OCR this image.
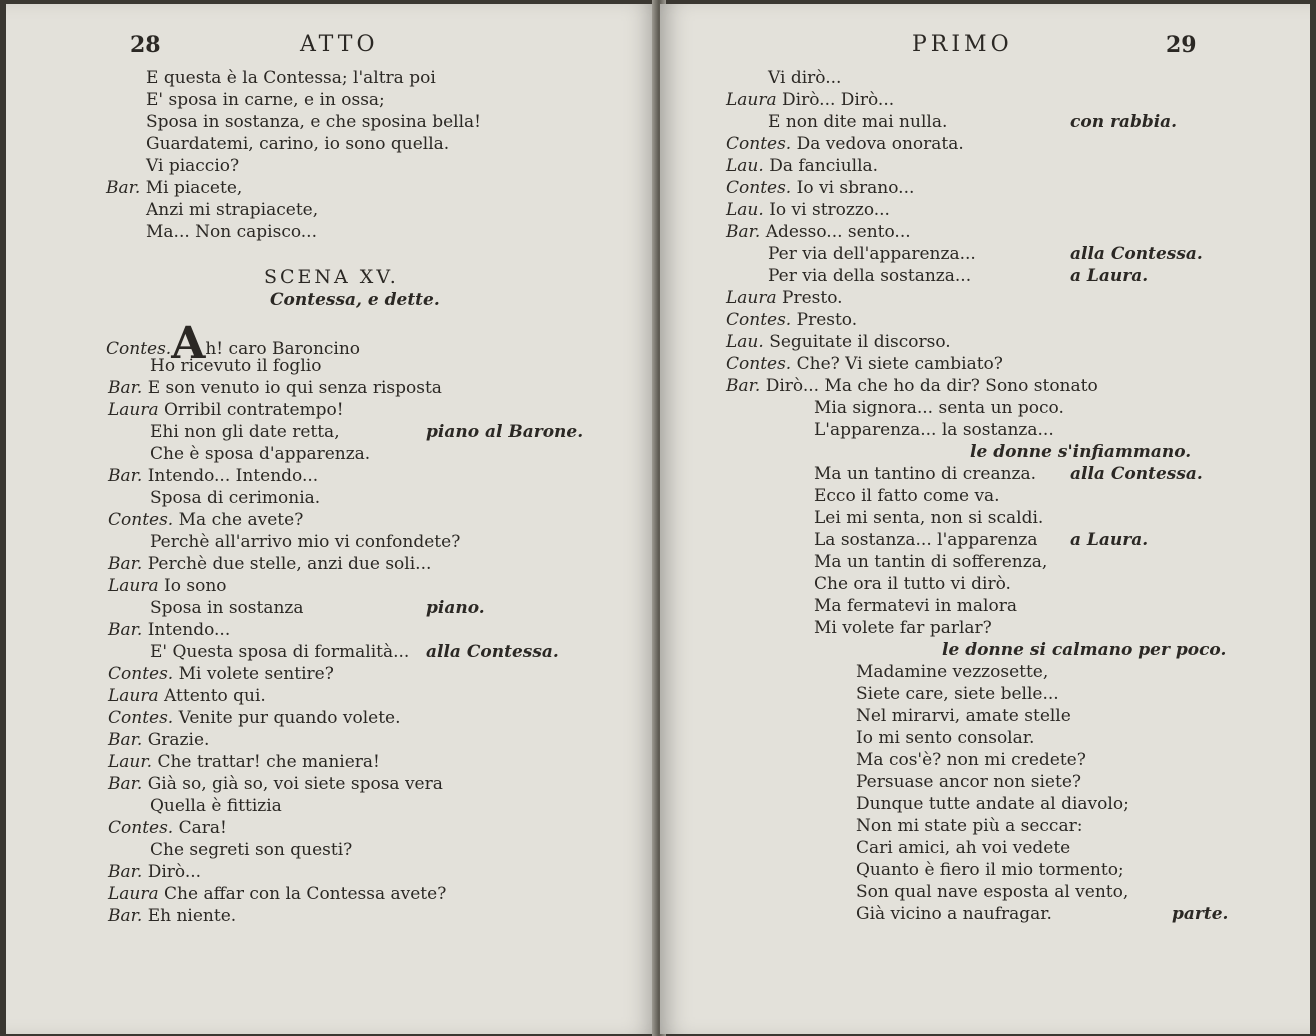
28	ATTO
SCENA XV.
Contessa, e dette.
Contes.Ah! caro Baroncino
E questa è la Contessa; l'altra poi
E' sposa in carne, e in ossa;
Sposa in sostanza, e che sposina bella!
Guardatemi, carino, io sono quella.
Vi piaccio?
Bar. Mi piacete,
Anzi mi strapiacete,
Ma... Non capisco...
Ho ricevuto il foglio
Bar. E son venuto io qui senza risposta
Laura Orribil contratempo!
Ehi non gli date retta,	piano al Barone.
Che è sposa d'apparenza.
Bar. Intendo... Intendo...
Sposa di cerimonia.
Contes. Ma che avete?
Perchè all'arrivo mio vi confondete?
Bar. Perchè due stelle, anzi due soli...
Laura Io sono
Sposa in sostanza	piano.
Bar. Intendo...
E' Questa sposa di formalità... alla Contessa.
Contes. Mi volete sentire?
Laura Attento qui.
Contes. Venite pur quando volete.
Bar. Grazie.
Laur. Che trattar! che maniera!
Bar. Già so, già so, voi siete sposa vera
Quella è fittizia
Contes. Cara!
Che segreti son questi?
Bar. Dirò...
Laura Che affar con la Contessa avete?
Bar. Eh niente.
PRIMO	29
Vi dirò...
Laura Dirò... Dirò...
E non dite mai nulla.	con rabbia.
Contes. Da vedova onorata.
Lau. Da fanciulla.
Contes. Io vi sbrano...
Lau. Io vi strozzo...
Bar. Adesso... sento...
Per via dell'apparenza...	alla Contessa.
Per via della sostanza...	a Laura.
Laura Presto.
Contes. Presto.
Lau. Seguitate il discorso.
Contes. Che? Vi siete cambiato?
Bar. Dirò... Ma che ho da dir? Sono stonato
Mia signora... senta un poco.
L'apparenza... la sostanza...
le donne s'infiammano.
Ma un tantino di creanza. alla Contessa.
Ecco il fatto come va.
Lei mi senta, non si scaldi.
La sostanza... l'apparenza a Laura.
Ma un tantin di sofferenza,
Che ora il tutto vi dirò.
Ma fermatevi in malora
Mi volete far parlar?
le donne si calmano per poco.
Madamine vezzosette,
Siete care, siete belle...
Nel mirarvi, amate stelle
Io mi sento consolar.
Ma cos'è? non mi credete?
Persuase ancor non siete?
Dunque tutte andate al diavolo;
Non mi state più a seccar:
Cari amici, ah voi vedete
Quanto è fiero il mio tormento;
Son qual nave esposta al vento,
Già vicino a naufragar.	parte.
